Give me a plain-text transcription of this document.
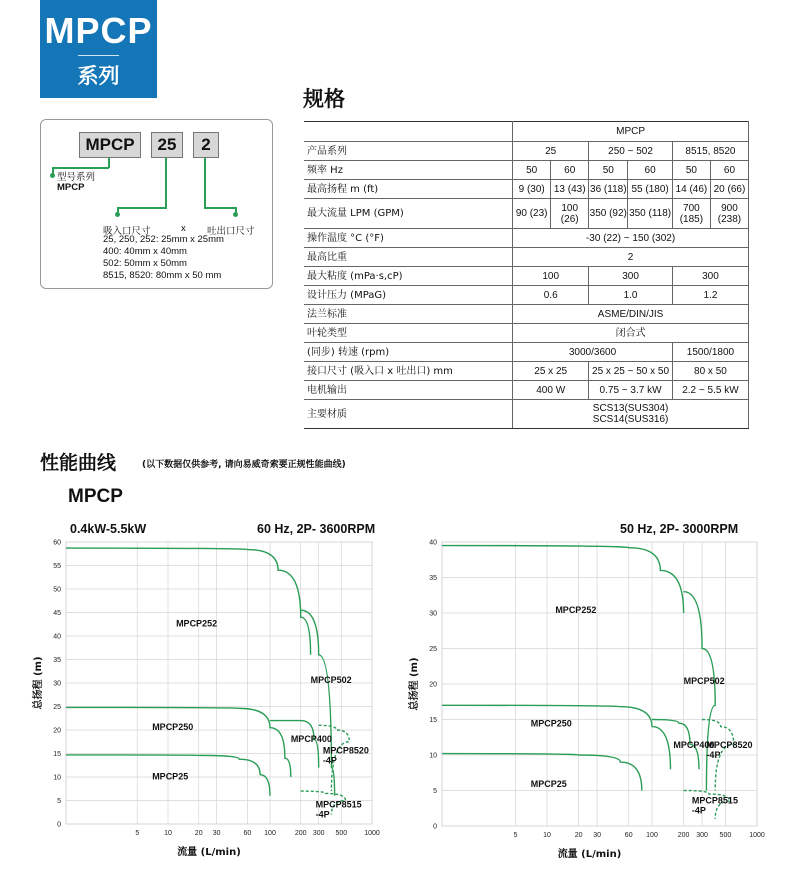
MPCP
系列
规格
MPCP	25	2
型号系列
MPCP
吸入口尺寸	x 吐出口尺寸
25, 250, 252: 25mm x 25mm
400: 40mm x 40mm
502: 50mm x 50mm
8515, 8520: 80mm x 50 mm
	MPCP					
产品系列	25		250 ~ 502		8515, 8520	
频率 Hz	50	60	50	60	50	60
最高扬程 m (ft)	9 (30)	13 (43)	36 (118)	55 (180)	14 (46)	20 (66)
最大流量 LPM (GPM)	90 (23)	100 (26)	350 (92)	350 (118)	700 (185)	900 (238)
操作温度 °C (°F)	-30 (22) ~ 150 (302)					
最高比重	2					
最大粘度 (mPa·s,cP)	100		300		300	
设计压力 (MPaG)	0.6		1.0		1.2	
法兰标准	ASME/DIN/JIS					
叶轮类型	闭合式					
(同步) 转速 (rpm)	3000/3600				1500/1800	
接口尺寸 (吸入口 x 吐出口) mm	25 x 25		25 x 25 ~ 50 x 50		80 x 50	
电机输出	400 W		0.75 ~ 3.7 kW		2.2 ~ 5.5 kW	
主要材质	SCS13(SUS304)
SCS14(SUS316)					
性能曲线	(以下数据仅供参考, 请向易威奇索要正规性能曲线)
MPCP
0.4kW-5.5kW	60 Hz, 2P- 3600RPM	50 Hz, 2P- 3000RPM
0
5
10
15
20
25
30
35
40
45
50
55
60
5	10	20 30	60 100	200 300 500 1000
流量 (L/min)
总扬程 (m)
MPCP25
MPCP250
MPCP252
MPCP502
MPCP400
MPCP8520 -4P
MPCP8515 -4P
0
5
10
15
20
25
30
35
40
5	10	20 30	60 100	200 300 500	1000
流量 (L/min)
总扬程 (m)
MPCP25
MPCP250
MPCP252
MPCP502
MPCP400
MPCP8520 -4P
MPCP8515 -4P
